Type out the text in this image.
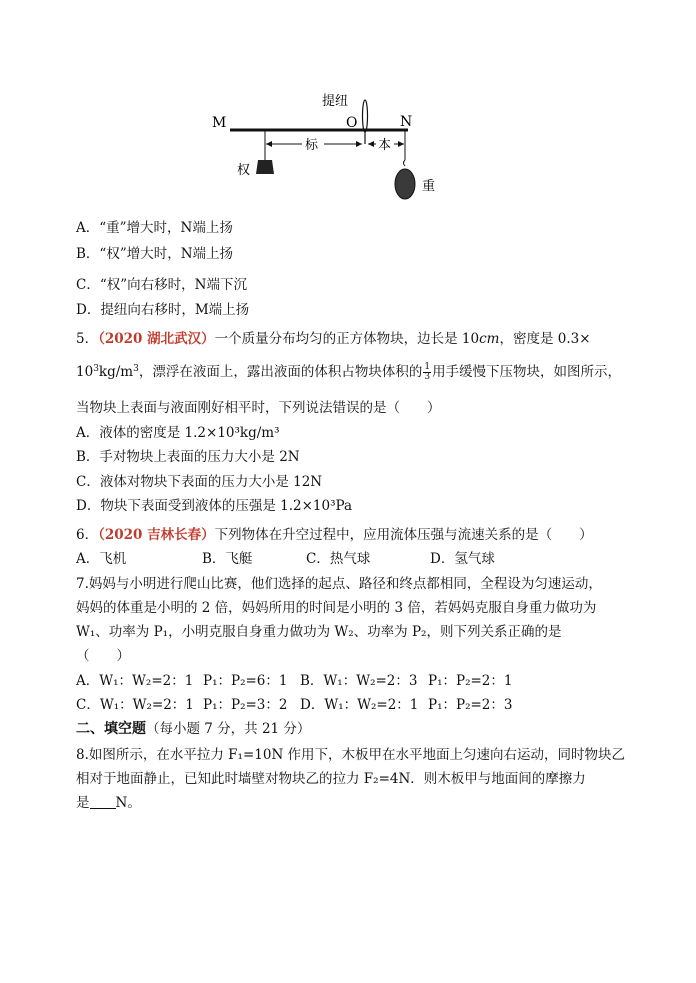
提纽
M	O	N
权
标	本
重
A．“重”增大时，N端上扬
B．“权”增大时，N端上扬
C．“权”向右移时，N端下沉
D．提纽向右移时，M端上扬
5．（2020 湖北武汉）一个质量分布均匀的正方体物块，边长是 10cm，密度是 0.3×
$10^3kg/m^3$，漂浮在液面上，露出液面的体积占物块体积的 $\frac{1}{3}$ 用手缓慢下压物块，如图所示，
当物块上表面与液面刚好相平时，下列说法错误的是（　　）
A．液体的密度是 1.2×10³kg/m³
B．手对物块上表面的压力大小是 2N
C．液体对物块下表面的压力大小是 12N
D．物块下表面受到液体的压强是 1.2×10³Pa
6．（2020 吉林长春）下列物体在升空过程中，应用流体压强与流速关系的是（　　）
A．飞机	B．飞艇	C．热气球	D．氢气球
7.妈妈与小明进行爬山比赛，他们选择的起点、路径和终点都相同，全程设为匀速运动，
妈妈的体重是小明的 2 倍，妈妈所用的时间是小明的 3 倍，若妈妈克服自身重力做功为
W₁、功率为 P₁，小明克服自身重力做功为 W₂、功率为 P₂，则下列关系正确的是
（　　）
A．W₁：W₂=2：1 P₁：P₂=6：1 B．W₁：W₂=2：3 P₁：P₂=2：1
C．W₁：W₂=2：1 P₁：P₂=3：2 D．W₁：W₂=2：1 P₁：P₂=2：3
二、填空题（每小题 7 分，共 21 分）
8.如图所示，在水平拉力 F₁=10N 作用下，木板甲在水平地面上匀速向右运动，同时物块乙
相对于地面静止，已知此时墙壁对物块乙的拉力 F₂=4N．则木板甲与地面间的摩擦力
是 N。
